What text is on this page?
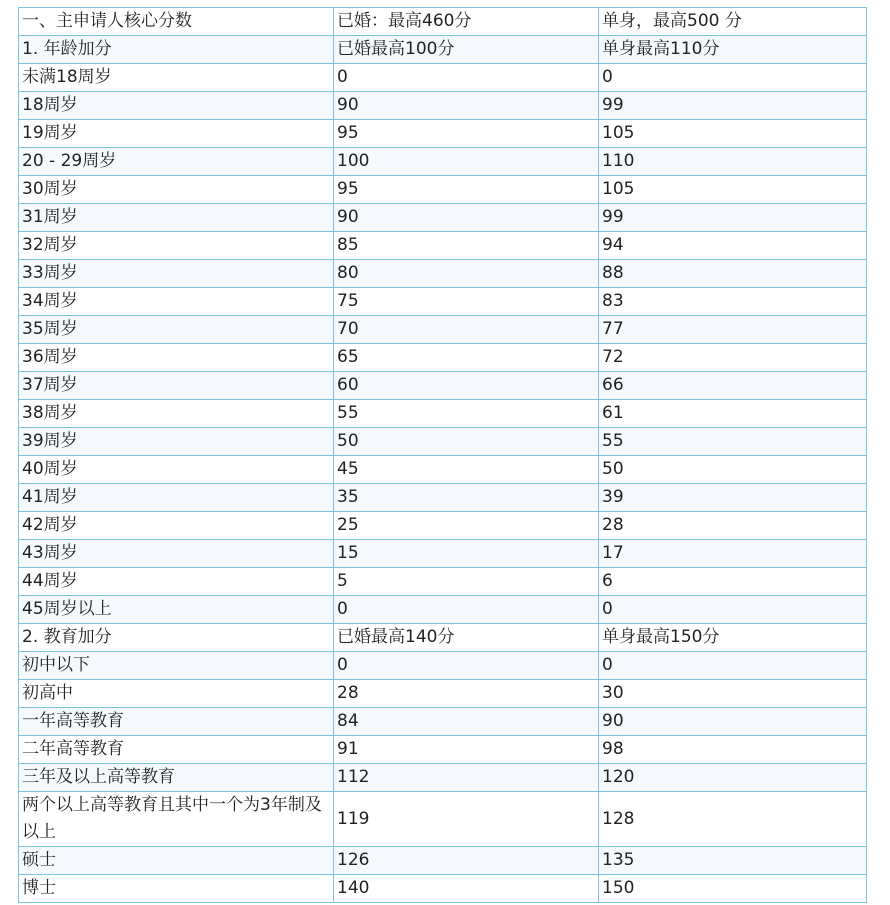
一、主申请人核心分数	已婚：最高460分	单身，最高500 分
1. 年龄加分	已婚最高100分	单身最高110分
未满18周岁	0	0
18周岁	90	99
19周岁	95	105
20 - 29周岁	100	110
30周岁	95	105
31周岁	90	99
32周岁	85	94
33周岁	80	88
34周岁	75	83
35周岁	70	77
36周岁	65	72
37周岁	60	66
38周岁	55	61
39周岁	50	55
40周岁	45	50
41周岁	35	39
42周岁	25	28
43周岁	15	17
44周岁	5	6
45周岁以上	0	0
2. 教育加分	已婚最高140分	单身最高150分
初中以下	0	0
初高中	28	30
一年高等教育	84	90
二年高等教育	91	98
三年及以上高等教育	112	120
两个以上高等教育且其中一个为3年制及以上	119	128
硕士	126	135
博士	140	150
